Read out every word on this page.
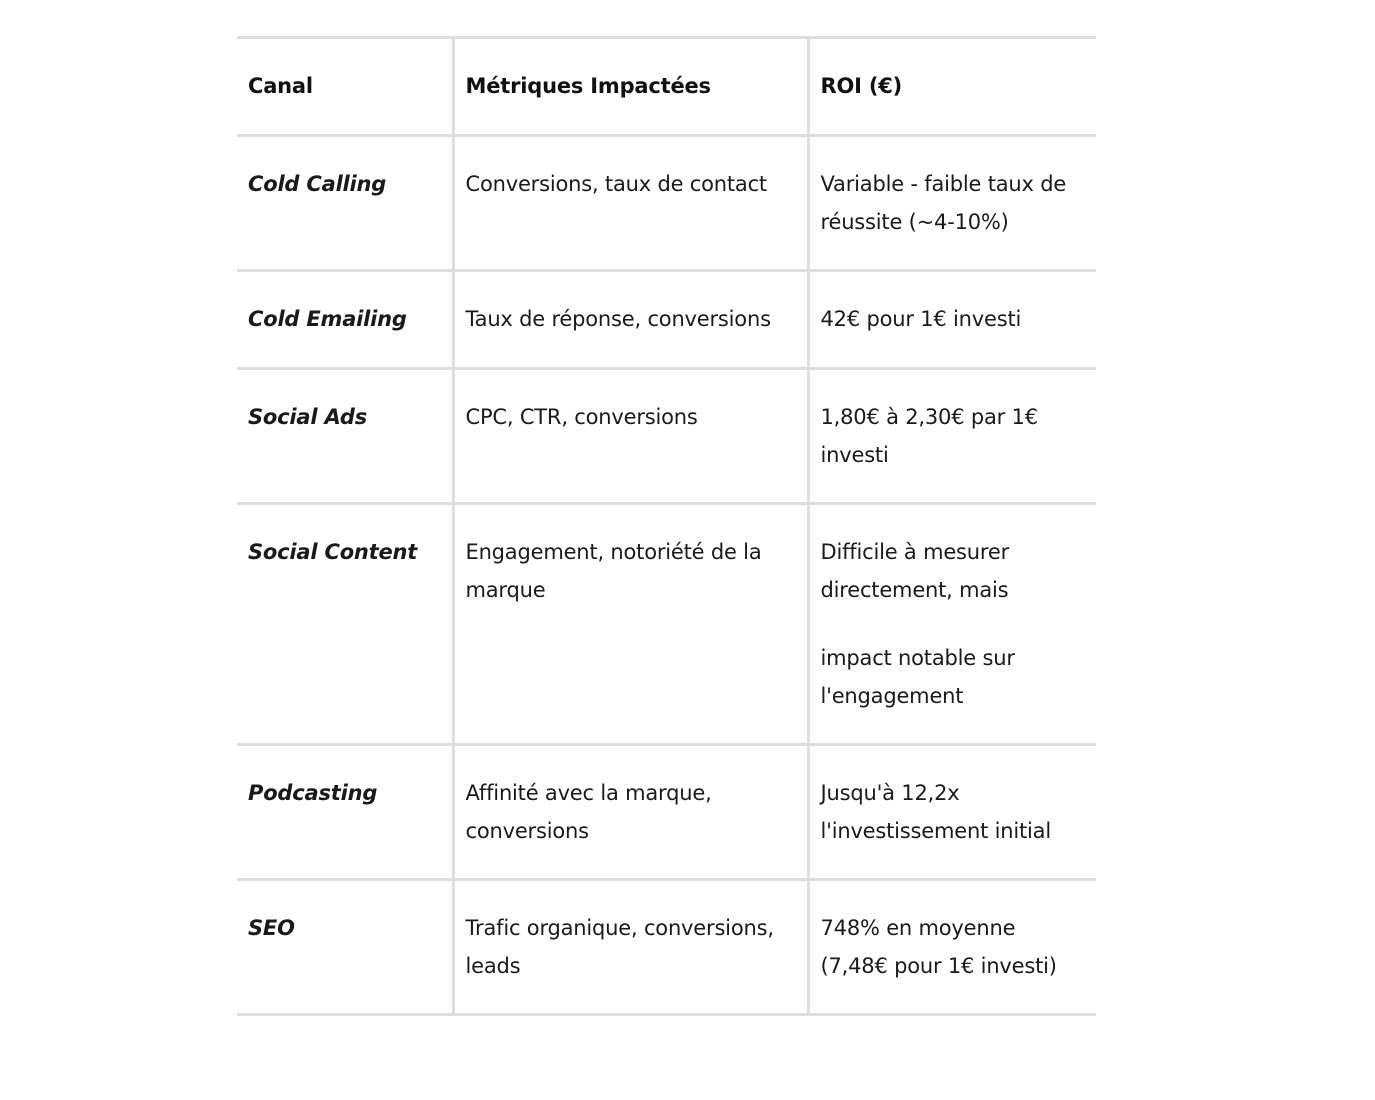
Canal	Métriques Impactées	ROI (€)
Cold Calling	Conversions, taux de contact	Variable - faible taux de réussite (~4-10%)

Cold Emailing	Taux de réponse, conversions	42€ pour 1€ investi

Social Ads	CPC, CTR, conversions	1,80€ à 2,30€ par 1€ investi

Social Content	Engagement, notoriété de la marque	Difficile à mesurer directement, mais
impact notable sur l'engagement

Podcasting	Affinité avec la marque, conversions	Jusqu'à 12,2x l'investissement initial

SEO	Trafic organique, conversions, leads	748% en moyenne (7,48€ pour 1€ investi)
